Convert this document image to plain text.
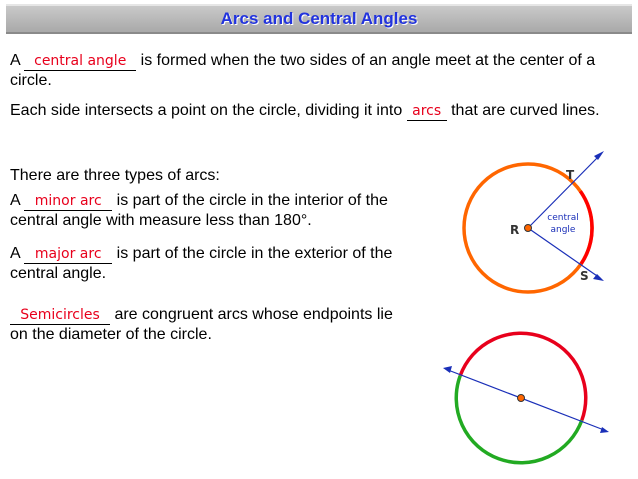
Arcs and Central Angles

A central angle is formed when the two sides of an angle meet at the center of a circle.

Each side intersects a point on the circle, dividing it into arcs that are curved lines.

There are three types of arcs:

A minor arc is part of the circle in the interior of the central angle with measure less than 180°.

A major arc is part of the circle in the exterior of the central angle.

Semicircles are congruent arcs whose endpoints lie on the diameter of the circle.

R
T
S
central
angle
